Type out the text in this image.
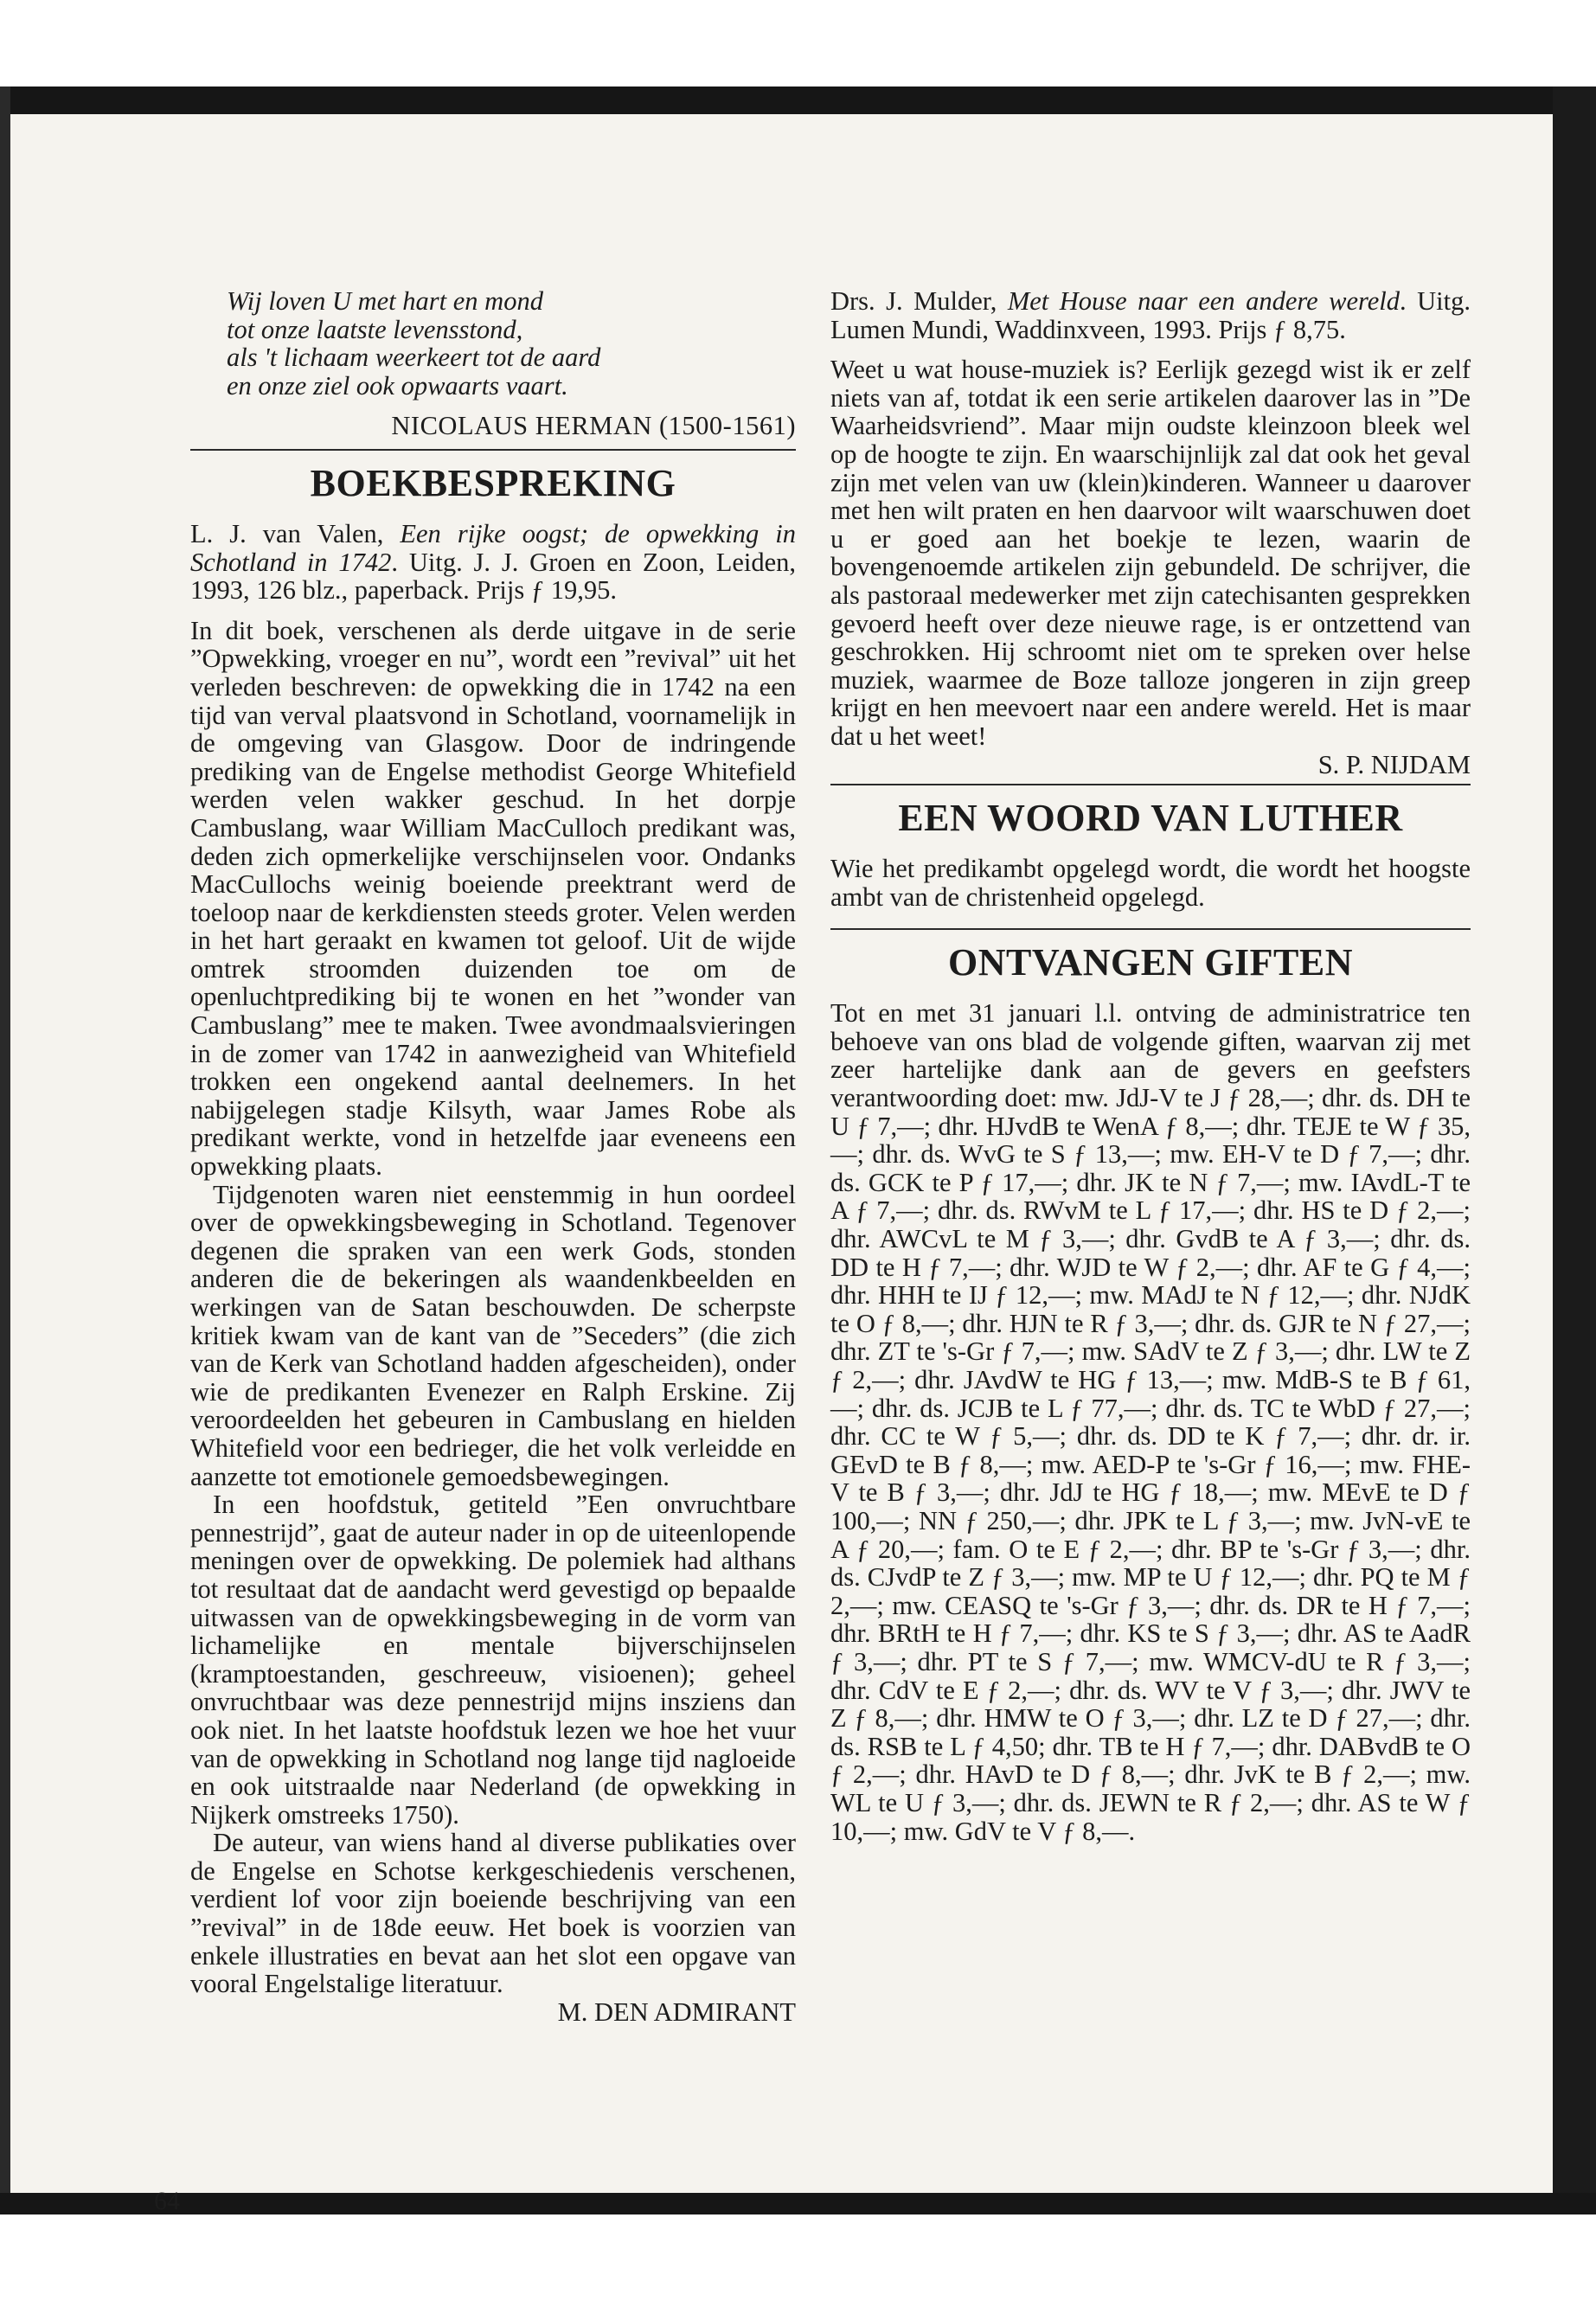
Wij loven U met hart en mond
tot onze laatste levensstond,
als 't lichaam weerkeert tot de aard
en onze ziel ook opwaarts vaart.
NICOLAUS HERMAN (1500-1561)
BOEKBESPREKING

L. J. van Valen, Een rijke oogst; de opwekking in Schotland in 1742. Uitg. J. J. Groen en Zoon, Leiden, 1993, 126 blz., paperback. Prijs ƒ 19,95.

In dit boek, verschenen als derde uitgave in de serie ”Opwekking, vroeger en nu”, wordt een ”revival” uit het verleden beschreven: de opwekking die in 1742 na een tijd van verval plaatsvond in Schotland, voornamelijk in de omgeving van Glasgow. Door de indringende prediking van de Engelse methodist George Whitefield werden velen wakker geschud. In het dorpje Cambuslang, waar William MacCulloch predikant was, deden zich opmerkelijke verschijnselen voor. Ondanks MacCullochs weinig boeiende preektrant werd de toeloop naar de kerkdiensten steeds groter. Velen werden in het hart geraakt en kwamen tot geloof. Uit de wijde omtrek stroomden duizenden toe om de openluchtprediking bij te wonen en het ”wonder van Cambuslang” mee te maken. Twee avondmaalsvieringen in de zomer van 1742 in aanwezigheid van Whitefield trokken een ongekend aantal deelnemers. In het nabijgelegen stadje Kilsyth, waar James Robe als predikant werkte, vond in hetzelfde jaar eveneens een opwekking plaats.

Tijdgenoten waren niet eenstemmig in hun oordeel over de opwekkingsbeweging in Schotland. Tegenover degenen die spraken van een werk Gods, stonden anderen die de bekeringen als waandenkbeelden en werkingen van de Satan beschouwden. De scherpste kritiek kwam van de kant van de ”Seceders” (die zich van de Kerk van Schotland hadden afgescheiden), onder wie de predikanten Evenezer en Ralph Erskine. Zij veroordeelden het gebeuren in Cambuslang en hielden Whitefield voor een bedrieger, die het volk verleidde en aanzette tot emotionele gemoedsbewegingen.

In een hoofdstuk, getiteld ”Een onvruchtbare pennestrijd”, gaat de auteur nader in op de uiteenlopende meningen over de opwekking. De polemiek had althans tot resultaat dat de aandacht werd gevestigd op bepaalde uitwassen van de opwekkingsbeweging in de vorm van lichamelijke en mentale bijverschijnselen (kramptoestanden, geschreeuw, visioenen); geheel onvruchtbaar was deze pennestrijd mijns insziens dan ook niet. In het laatste hoofdstuk lezen we hoe het vuur van de opwekking in Schotland nog lange tijd nagloeide en ook uitstraalde naar Nederland (de opwekking in Nijkerk omstreeks 1750).

De auteur, van wiens hand al diverse publikaties over de Engelse en Schotse kerkgeschiedenis verschenen, verdient lof voor zijn boeiende beschrijving van een ”revival” in de 18de eeuw. Het boek is voorzien van enkele illustraties en bevat aan het slot een opgave van vooral Engelstalige literatuur.

M. DEN ADMIRANT

Drs. J. Mulder, Met House naar een andere wereld. Uitg. Lumen Mundi, Waddinxveen, 1993. Prijs ƒ 8,75.

Weet u wat house-muziek is? Eerlijk gezegd wist ik er zelf niets van af, totdat ik een serie artikelen daarover las in ”De Waarheidsvriend”. Maar mijn oudste kleinzoon bleek wel op de hoogte te zijn. En waarschijnlijk zal dat ook het geval zijn met velen van uw (klein)kinderen. Wanneer u daarover met hen wilt praten en hen daarvoor wilt waarschuwen doet u er goed aan het boekje te lezen, waarin de bovengenoemde artikelen zijn gebundeld. De schrijver, die als pastoraal medewerker met zijn catechisanten gesprekken gevoerd heeft over deze nieuwe rage, is er ontzettend van geschrokken. Hij schroomt niet om te spreken over helse muziek, waarmee de Boze talloze jongeren in zijn greep krijgt en hen meevoert naar een andere wereld. Het is maar dat u het weet!

S. P. NIJDAM

EEN WOORD VAN LUTHER

Wie het predikambt opgelegd wordt, die wordt het hoogste ambt van de christenheid opgelegd.

ONTVANGEN GIFTEN

Tot en met 31 januari l.l. ontving de administratrice ten behoeve van ons blad de volgende giften, waarvan zij met zeer hartelijke dank aan de gevers en geefsters verantwoording doet: mw. JdJ-V te J ƒ 28,—; dhr. ds. DH te U ƒ 7,—; dhr. HJvdB te WenA ƒ 8,—; dhr. TEJE te W ƒ 35,—; dhr. ds. WvG te S ƒ 13,—; mw. EH-V te D ƒ 7,—; dhr. ds. GCK te P ƒ 17,—; dhr. JK te N ƒ 7,—; mw. IAvdL-T te A ƒ 7,—; dhr. ds. RWvM te L ƒ 17,—; dhr. HS te D ƒ 2,—; dhr. AWCvL te M ƒ 3,—; dhr. GvdB te A ƒ 3,—; dhr. ds. DD te H ƒ 7,—; dhr. WJD te W ƒ 2,—; dhr. AF te G ƒ 4,—; dhr. HHH te IJ ƒ 12,—; mw. MAdJ te N ƒ 12,—; dhr. NJdK te O ƒ 8,—; dhr. HJN te R ƒ 3,—; dhr. ds. GJR te N ƒ 27,—; dhr. ZT te 's-Gr ƒ 7,—; mw. SAdV te Z ƒ 3,—; dhr. LW te Z ƒ 2,—; dhr. JAvdW te HG ƒ 13,—; mw. MdB-S te B ƒ 61,—; dhr. ds. JCJB te L ƒ 77,—; dhr. ds. TC te WbD ƒ 27,—; dhr. CC te W ƒ 5,—; dhr. ds. DD te K ƒ 7,—; dhr. dr. ir. GEvD te B ƒ 8,—; mw. AED-P te 's-Gr ƒ 16,—; mw. FHE-V te B ƒ 3,—; dhr. JdJ te HG ƒ 18,—; mw. MEvE te D ƒ 100,—; NN ƒ 250,—; dhr. JPK te L ƒ 3,—; mw. JvN-vE te A ƒ 20,—; fam. O te E ƒ 2,—; dhr. BP te 's-Gr ƒ 3,—; dhr. ds. CJvdP te Z ƒ 3,—; mw. MP te U ƒ 12,—; dhr. PQ te M ƒ 2,—; mw. CEASQ te 's-Gr ƒ 3,—; dhr. ds. DR te H ƒ 7,—; dhr. BRtH te H ƒ 7,—; dhr. KS te S ƒ 3,—; dhr. AS te AadR ƒ 3,—; dhr. PT te S ƒ 7,—; mw. WMCV-dU te R ƒ 3,—; dhr. CdV te E ƒ 2,—; dhr. ds. WV te V ƒ 3,—; dhr. JWV te Z ƒ 8,—; dhr. HMW te O ƒ 3,—; dhr. LZ te D ƒ 27,—; dhr. ds. RSB te L ƒ 4,50; dhr. TB te H ƒ 7,—; dhr. DABvdB te O ƒ 2,—; dhr. HAvD te D ƒ 8,—; dhr. JvK te B ƒ 2,—; mw. WL te U ƒ 3,—; dhr. ds. JEWN te R ƒ 2,—; dhr. AS te W ƒ 10,—; mw. GdV te V ƒ 8,—.

64
